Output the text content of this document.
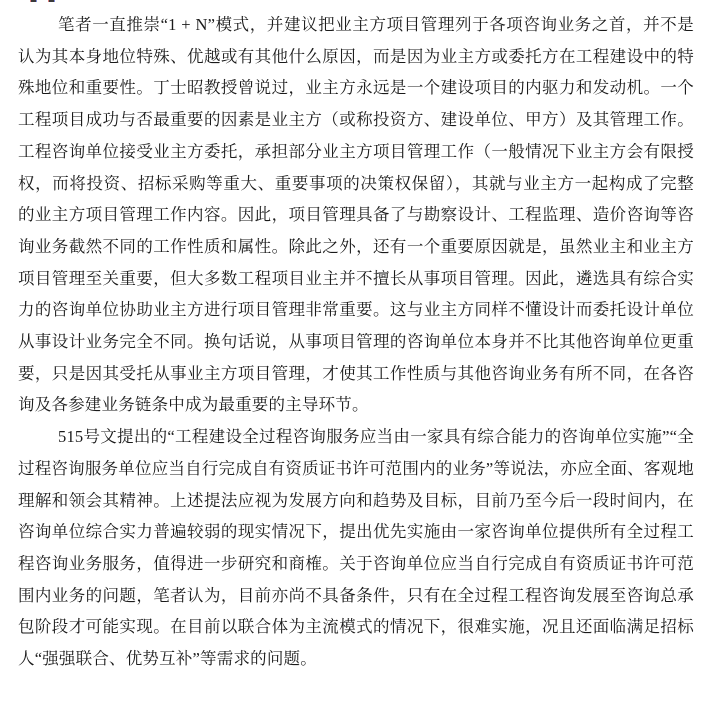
笔者一直推崇“1 + N”模式，并建议把业主方项目管理列于各项咨询业务之首，并不是认为其本身地位特殊、优越或有其他什么原因，而是因为业主方或委托方在工程建设中的特殊地位和重要性。丁士昭教授曾说过，业主方永远是一个建设项目的内驱力和发动机。一个工程项目成功与否最重要的因素是业主方（或称投资方、建设单位、甲方）及其管理工作。工程咨询单位接受业主方委托，承担部分业主方项目管理工作（一般情况下业主方会有限授权，而将投资、招标采购等重大、重要事项的决策权保留），其就与业主方一起构成了完整的业主方项目管理工作内容。因此，项目管理具备了与勘察设计、工程监理、造价咨询等咨询业务截然不同的工作性质和属性。除此之外，还有一个重要原因就是，虽然业主和业主方项目管理至关重要，但大多数工程项目业主并不擅长从事项目管理。因此，遴选具有综合实力的咨询单位协助业主方进行项目管理非常重要。这与业主方同样不懂设计而委托设计单位从事设计业务完全不同。换句话说，从事项目管理的咨询单位本身并不比其他咨询单位更重要，只是因其受托从事业主方项目管理，才使其工作性质与其他咨询业务有所不同，在各咨询及各参建业务链条中成为最重要的主导环节。

515号文提出的“工程建设全过程咨询服务应当由一家具有综合能力的咨询单位实施”“全过程咨询服务单位应当自行完成自有资质证书许可范围内的业务”等说法，亦应全面、客观地理解和领会其精神。上述提法应视为发展方向和趋势及目标，目前乃至今后一段时间内，在咨询单位综合实力普遍较弱的现实情况下，提出优先实施由一家咨询单位提供所有全过程工程咨询业务服务，值得进一步研究和商榷。关于咨询单位应当自行完成自有资质证书许可范围内业务的问题，笔者认为，目前亦尚不具备条件，只有在全过程工程咨询发展至咨询总承包阶段才可能实现。在目前以联合体为主流模式的情况下，很难实施，况且还面临满足招标人“强强联合、优势互补”等需求的问题。
